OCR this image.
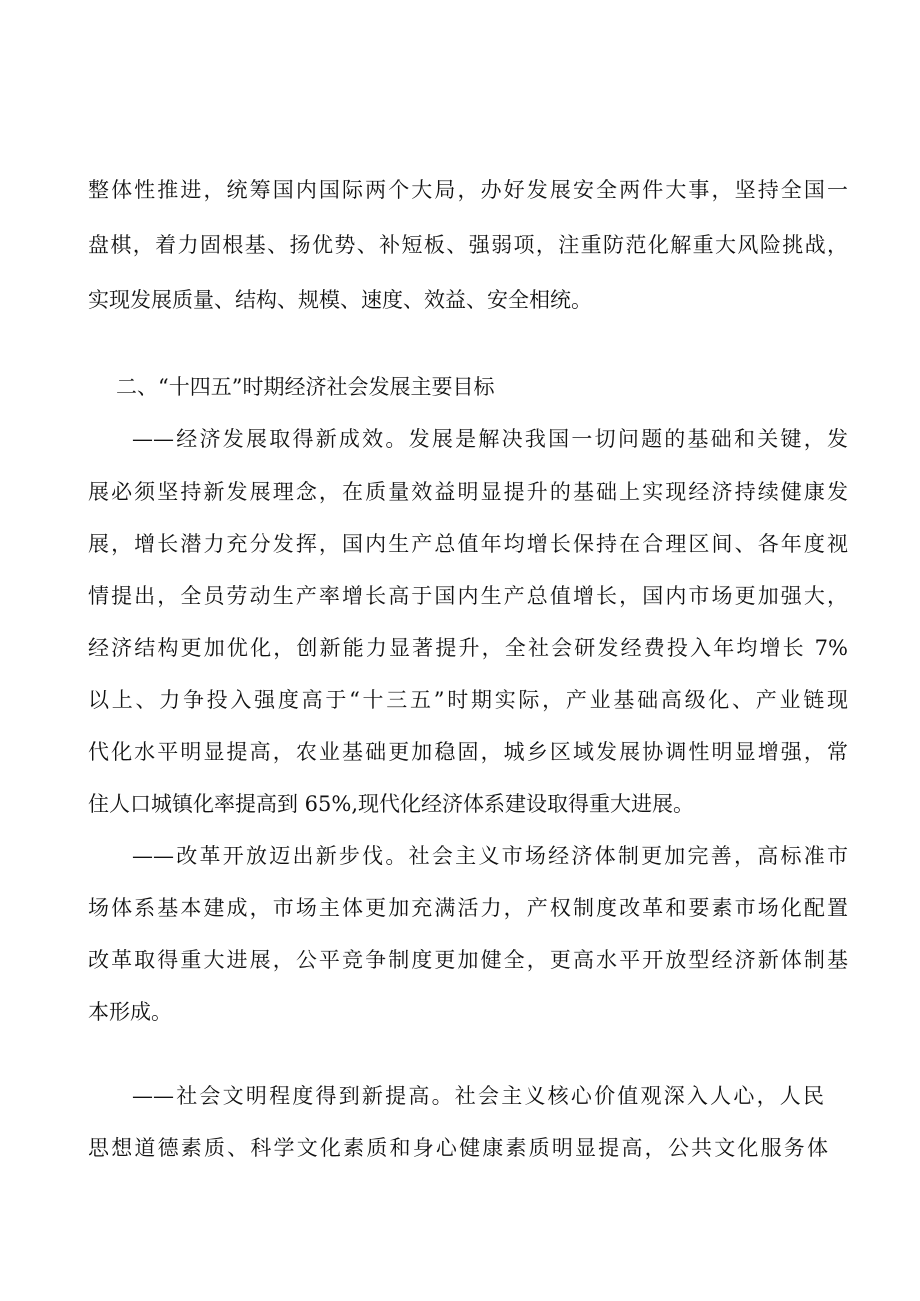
整体性推进，统筹国内国际两个大局，办好发展安全两件大事，坚持全国一
盘棋，着力固根基、扬优势、补短板、强弱项，注重防范化解重大风险挑战，
实现发展质量、结构、规模、速度、效益、安全相统。
二、“十四五”时期经济社会发展主要目标
——经济发展取得新成效。发展是解决我国一切问题的基础和关键，发
展必须坚持新发展理念，在质量效益明显提升的基础上实现经济持续健康发
展，增长潜力充分发挥，国内生产总值年均增长保持在合理区间、各年度视
情提出，全员劳动生产率增长高于国内生产总值增长，国内市场更加强大，
经济结构更加优化，创新能力显著提升，全社会研发经费投入年均增长 7%
以上、力争投入强度高于“十三五”时期实际，产业基础高级化、产业链现
代化水平明显提高，农业基础更加稳固，城乡区域发展协调性明显增强，常
住人口城镇化率提高到 65%,现代化经济体系建设取得重大进展。
——改革开放迈出新步伐。社会主义市场经济体制更加完善，高标准市
场体系基本建成，市场主体更加充满活力，产权制度改革和要素市场化配置
改革取得重大进展，公平竞争制度更加健全，更高水平开放型经济新体制基
本形成。
——社会文明程度得到新提高。社会主义核心价值观深入人心，人民
思想道德素质、科学文化素质和身心健康素质明显提高，公共文化服务体
